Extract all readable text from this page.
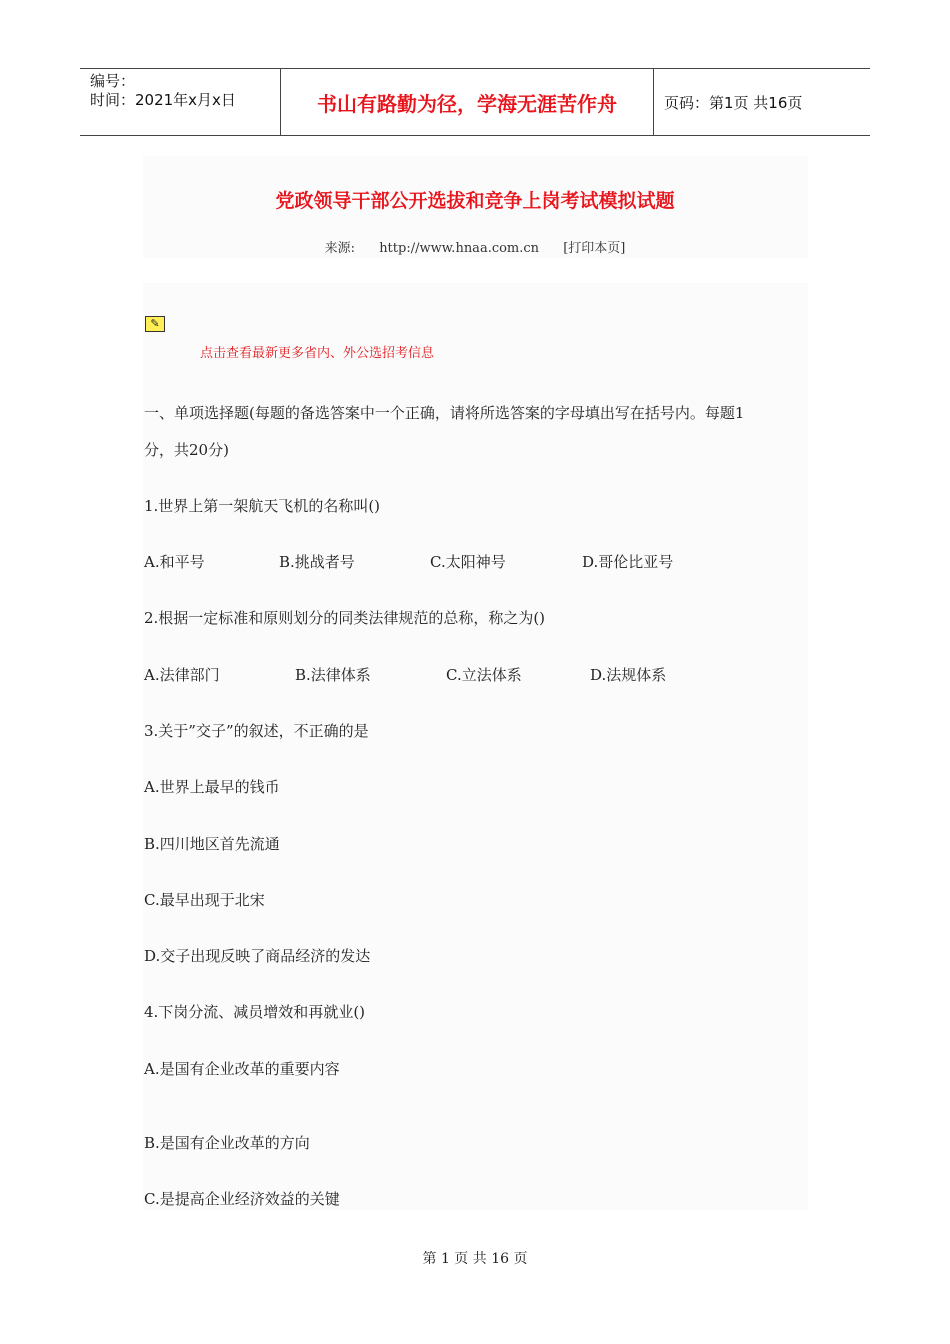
编号：
时间：2021年x月x日	书山有路勤为径，学海无涯苦作舟	页码：第1页 共16页
党政领导干部公开选拔和竞争上岗考试模拟试题
来源: http://www.hnaa.com.cn [打印本页]
✎
点击查看最新更多省内、外公选招考信息
一、单项选择题(每题的备选答案中一个正确，请将所选答案的字母填出写在括号内。每题1
分，共20分)
1.世界上第一架航天飞机的名称叫()
A.和平号	B.挑战者号	C.太阳神号	D.哥伦比亚号
2.根据一定标准和原则划分的同类法律规范的总称，称之为()
A.法律部门	B.法律体系	C.立法体系	D.法规体系
3.关于”交子”的叙述，不正确的是
A.世界上最早的钱币
B.四川地区首先流通
C.最早出现于北宋
D.交子出现反映了商品经济的发达
4.下岗分流、减员增效和再就业()
A.是国有企业改革的重要内容
B.是国有企业改革的方向
C.是提高企业经济效益的关键
第 1 页 共 16 页
